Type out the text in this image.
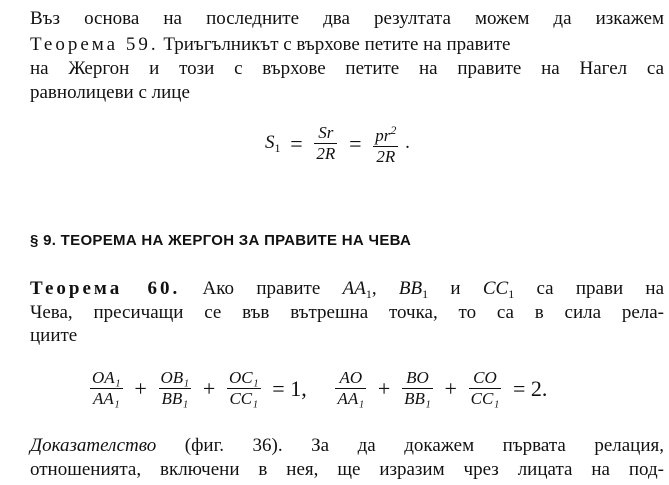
Въз основа на последните два резултата можем да изкажем
Теорема 59. Триъгълникът с върхове петите на правите
на Жергон и този с върхове петите на правите на Нагел са
равнолицеви с лице
$S_1 = \frac{Sr}{2R} = \frac{pr^2}{2R}$ .
§ 9. ТЕОРЕМА НА ЖЕРГОН ЗА ПРАВИТЕ НА ЧЕВА
Теорема 60. Ако правите $AA_1$, $BB_1$ и $CC_1$ са прави на
Чева, пресичащи се във вътрешна точка, то са в сила рела-
циите
$\frac{\text{OA₁}}{\text{AA₁}} + \frac{\text{OB₁}}{\text{BB₁}} + \frac{\text{OC₁}}{\text{CC₁}} = 1$, $\frac{AO}{\text{AA₁}} + \frac{BO}{\text{BB₁}} + \frac{CO}{\text{CC₁}} = 2$.
Доказателство (фиг. 36). За да докажем първата релация,
отношенията, включени в нея, ще изразим чрез лицата на под-
